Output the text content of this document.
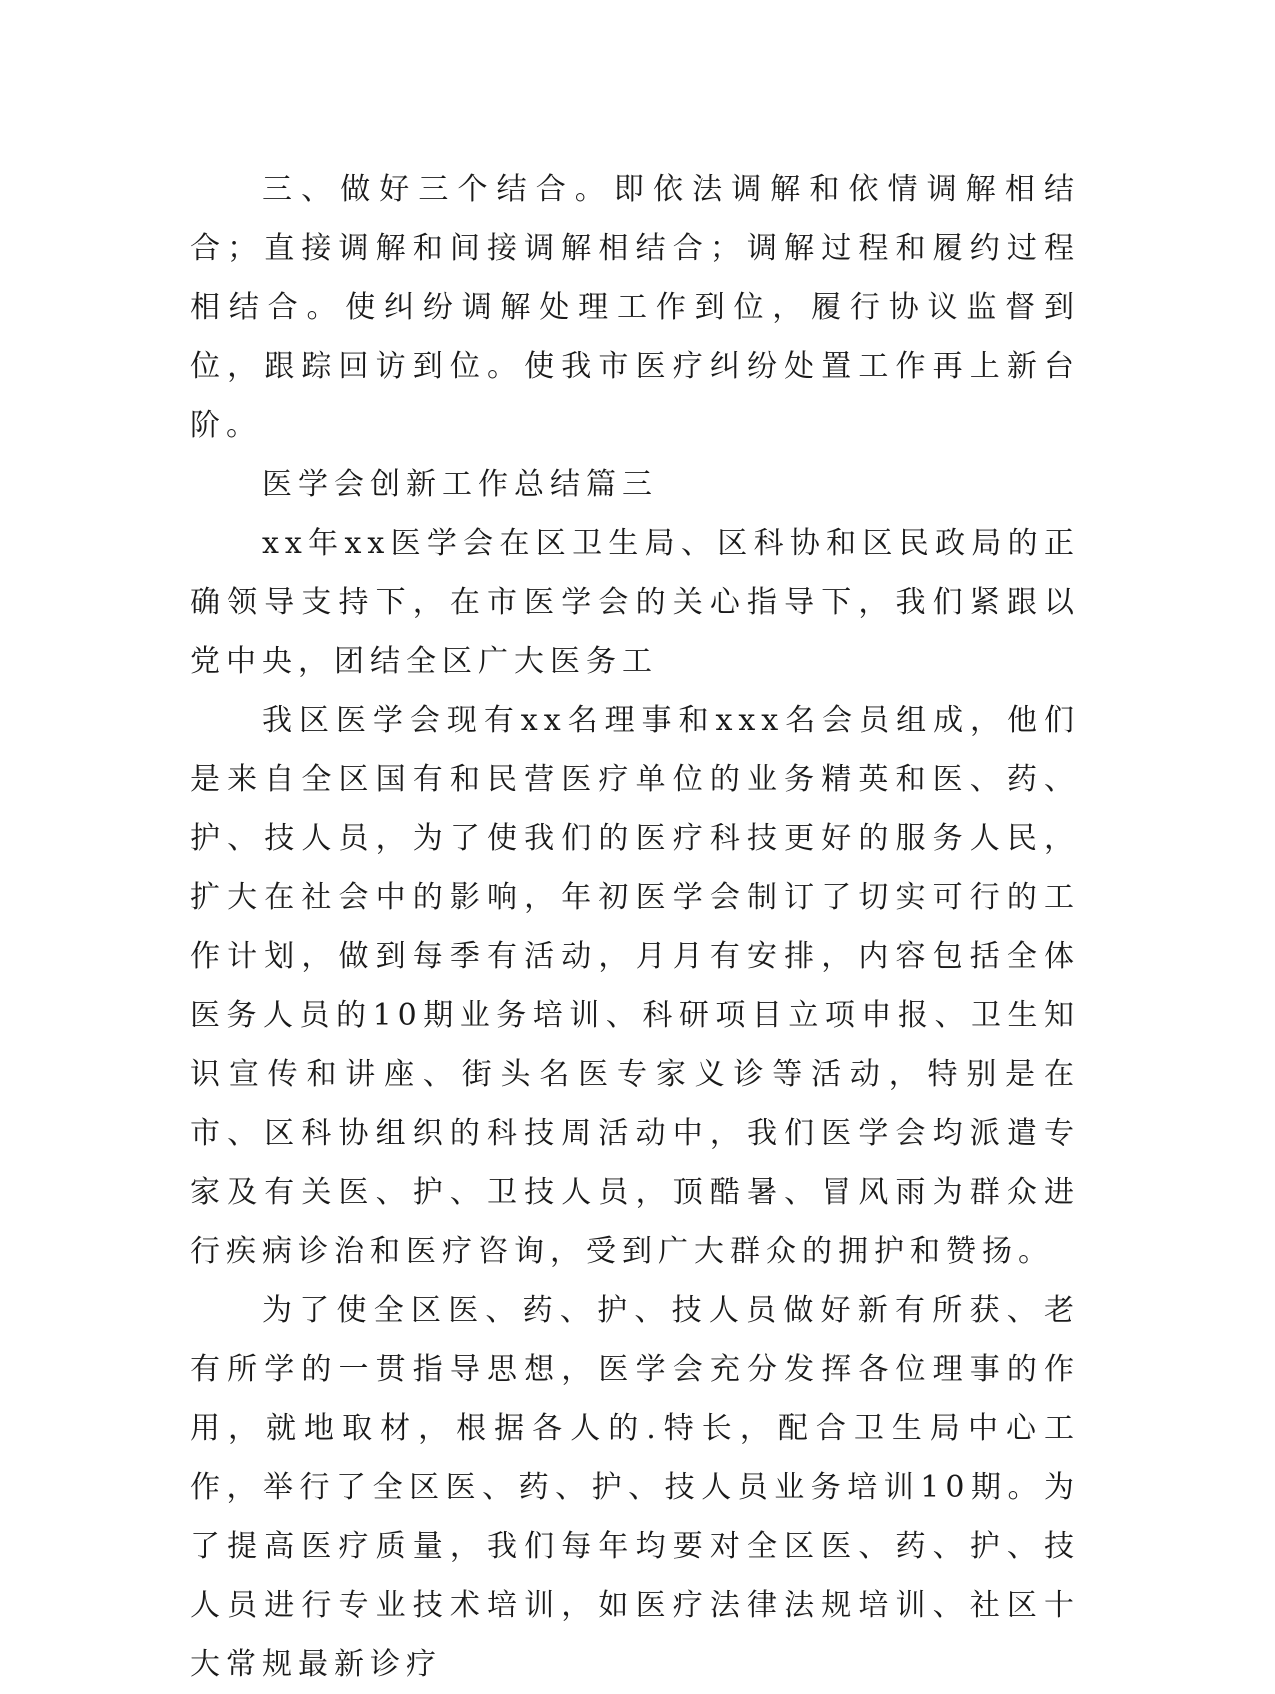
三、做好三个结合。即依法调解和依情调解相结合；直接调解和间接调解相结合；调解过程和履约过程相结合。使纠纷调解处理工作到位，履行协议监督到位，跟踪回访到位。使我市医疗纠纷处置工作再上新台阶。

医学会创新工作总结篇三

xx年xx医学会在区卫生局、区科协和区民政局的正确领导支持下，在市医学会的关心指导下，我们紧跟以党中央，团结全区广大医务工

我区医学会现有xx名理事和xxx名会员组成，他们是来自全区国有和民营医疗单位的业务精英和医、药、护、技人员，为了使我们的医疗科技更好的服务人民，扩大在社会中的影响，年初医学会制订了切实可行的工作计划，做到每季有活动，月月有安排，内容包括全体医务人员的10期业务培训、科研项目立项申报、卫生知识宣传和讲座、街头名医专家义诊等活动，特别是在市、区科协组织的科技周活动中，我们医学会均派遣专家及有关医、护、卫技人员，顶酷暑、冒风雨为群众进行疾病诊治和医疗咨询，受到广大群众的拥护和赞扬。

为了使全区医、药、护、技人员做好新有所获、老有所学的一贯指导思想，医学会充分发挥各位理事的作用，就地取材，根据各人的.特长，配合卫生局中心工作，举行了全区医、药、护、技人员业务培训10期。为了提高医疗质量，我们每年均要对全区医、药、护、技人员进行专业技术培训，如医疗法律法规培训、社区十大常规最新诊疗
